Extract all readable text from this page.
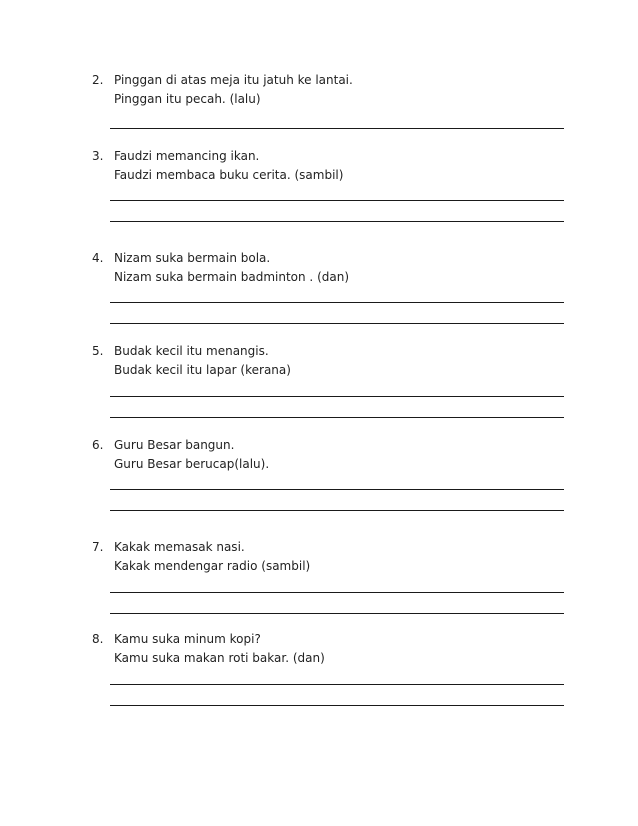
2. Pinggan di atas meja itu jatuh ke lantai.
Pinggan itu pecah. (lalu)
3. Faudzi memancing ikan.
Faudzi membaca buku cerita. (sambil)
4. Nizam suka bermain bola.
Nizam suka bermain badminton . (dan)
5. Budak kecil itu menangis.
Budak kecil itu lapar (kerana)
6. Guru Besar bangun.
Guru Besar berucap(lalu).
7. Kakak memasak nasi.
Kakak mendengar radio (sambil)
8. Kamu suka minum kopi?
Kamu suka makan roti bakar. (dan)
